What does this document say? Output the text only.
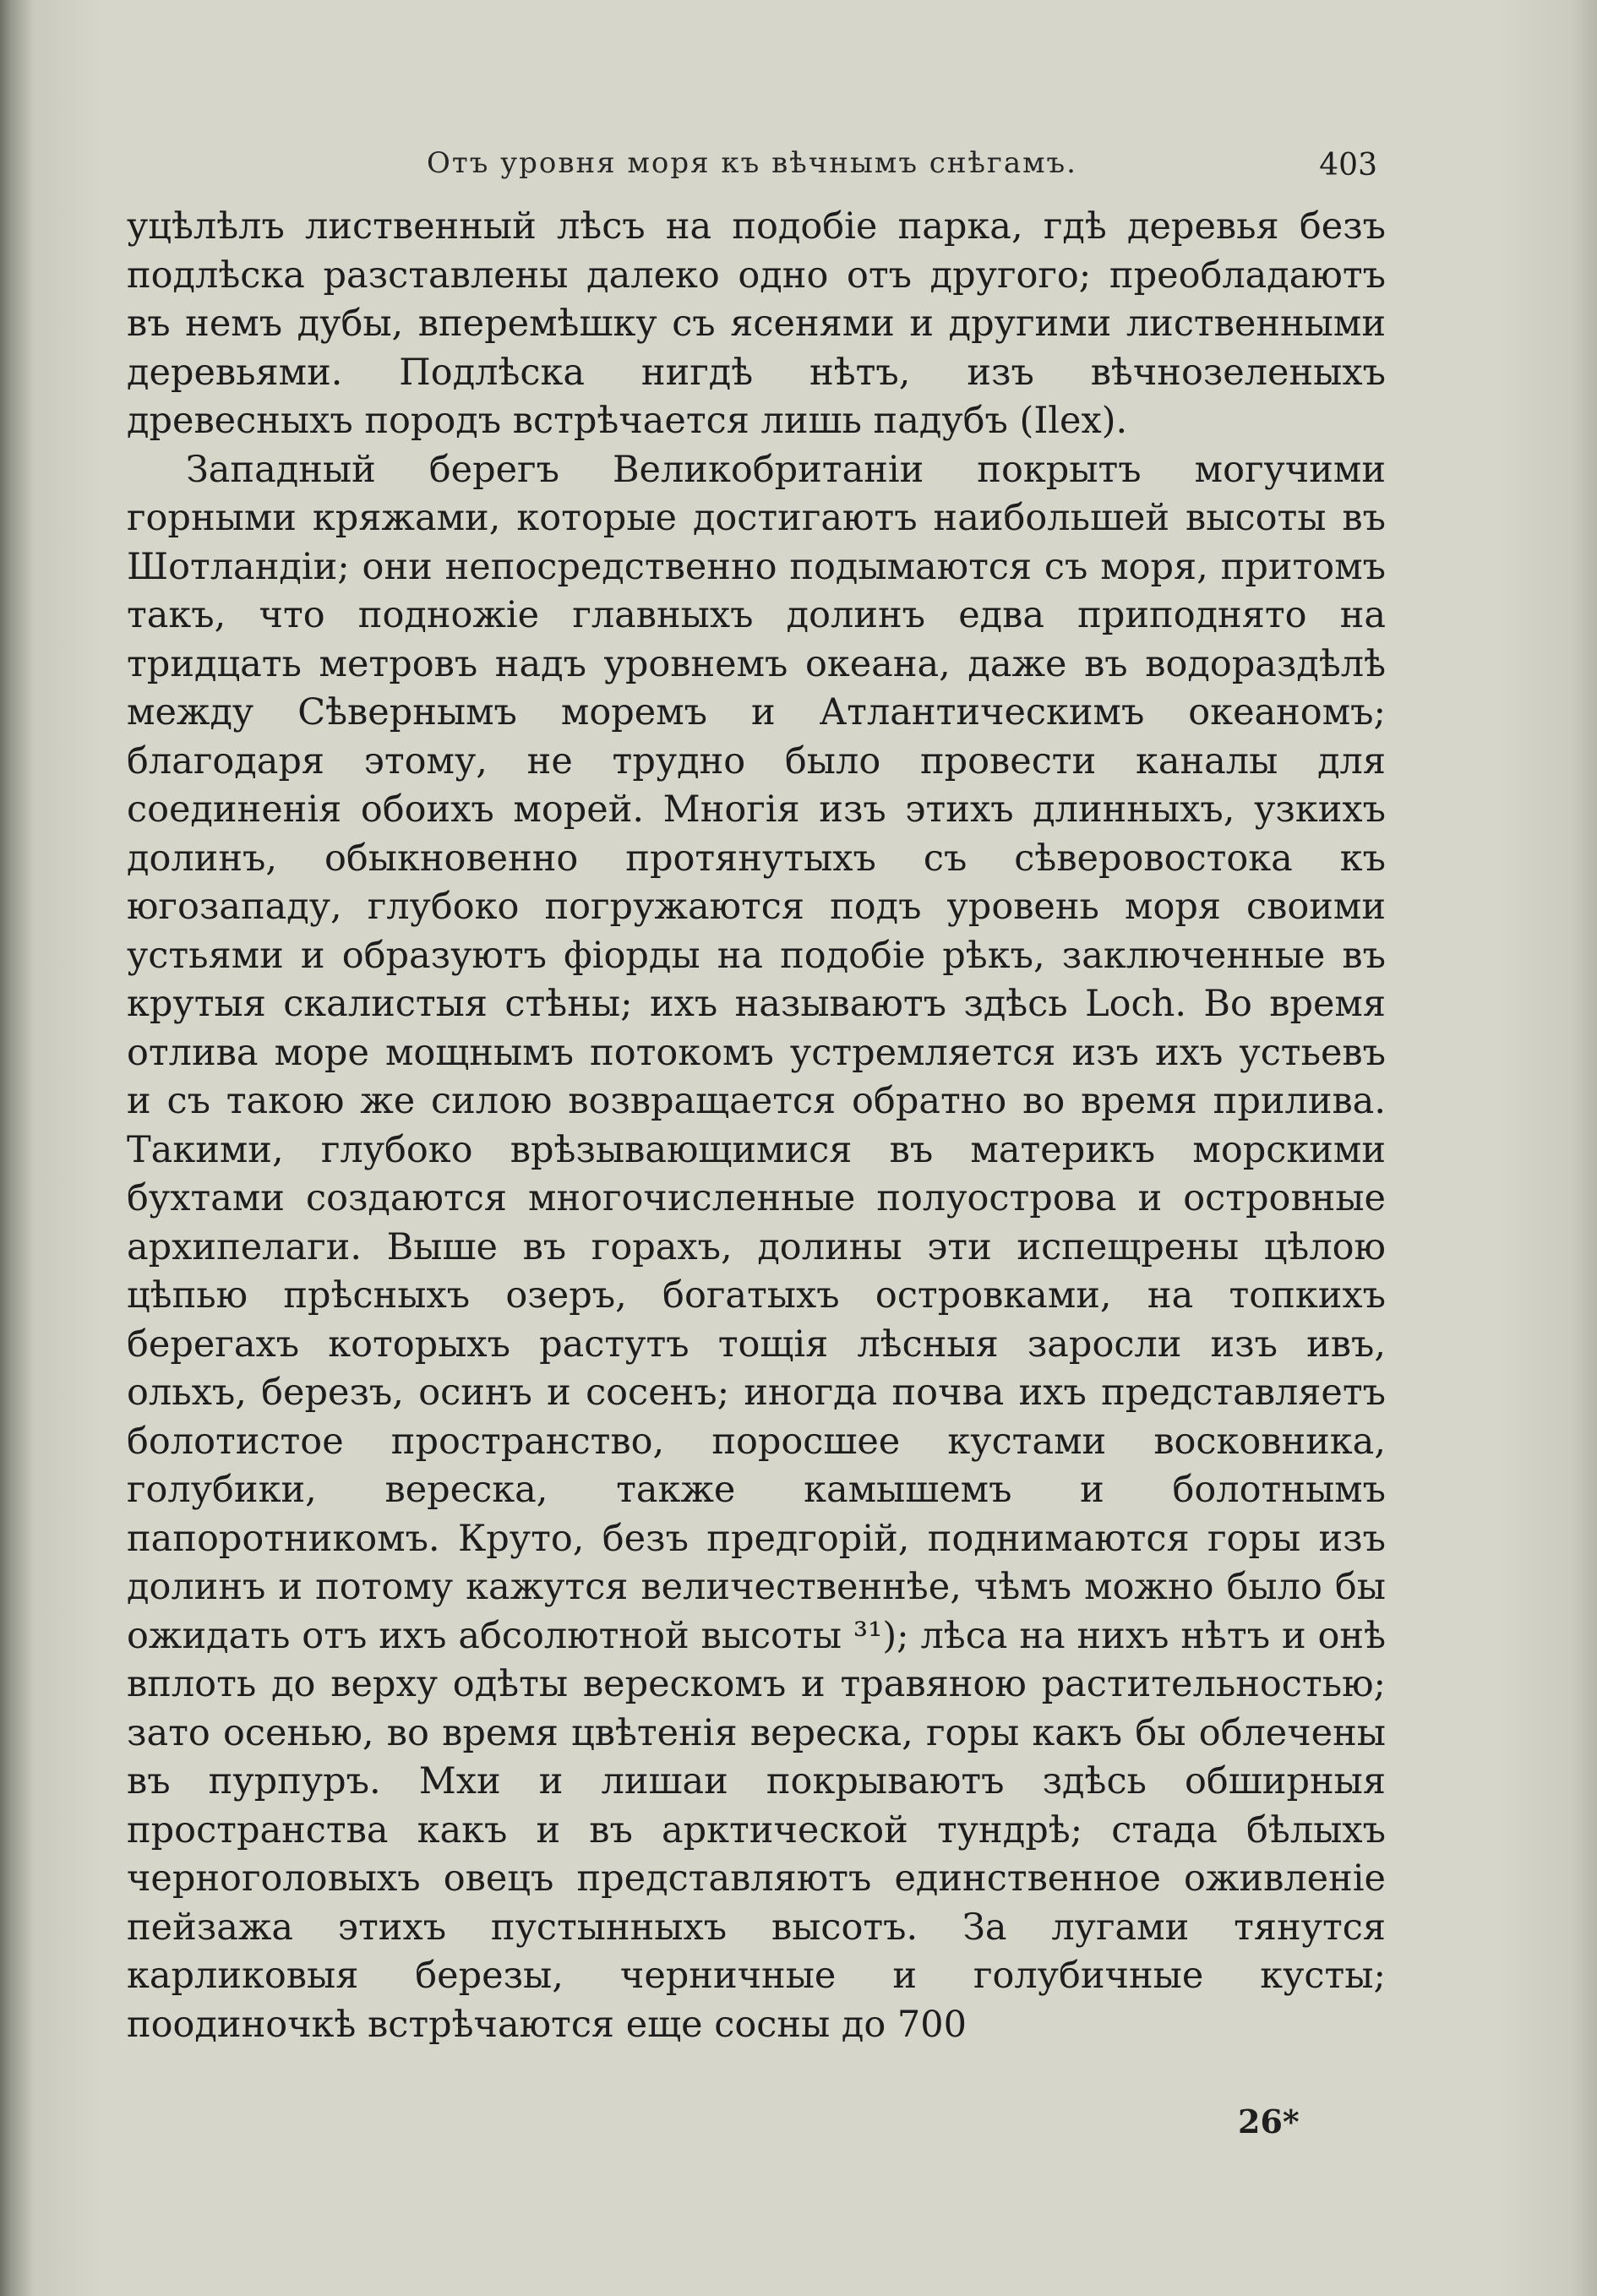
Отъ уровня моря къ вѣчнымъ снѣгамъ.	403

уцѣлѣлъ лиственный лѣсъ на подобіе парка, гдѣ деревья безъ подлѣска разставлены далеко одно отъ другого; преобладаютъ въ немъ дубы, вперемѣшку съ ясенями и другими лиственными деревьями. Подлѣска нигдѣ нѣтъ, изъ вѣчнозеленыхъ древесныхъ породъ встрѣчается лишь падубъ (Ilex).

Западный берегъ Великобританіи покрытъ могучими горными кряжами, которые достигаютъ наибольшей высоты въ Шотландіи; они непосредственно подымаются съ моря, притомъ такъ, что подножіе главныхъ долинъ едва приподнято на тридцать метровъ надъ уровнемъ океана, даже въ водораздѣлѣ между Сѣвернымъ моремъ и Атлантическимъ океаномъ; благодаря этому, не трудно было провести каналы для соединенія обоихъ морей. Многія изъ этихъ длинныхъ, узкихъ долинъ, обыкновенно протянутыхъ съ сѣверовостока къ югозападу, глубоко погружаются подъ уровень моря своими устьями и образуютъ фіорды на подобіе рѣкъ, заключенные въ крутыя скалистыя стѣны; ихъ называютъ здѣсь Loch. Во время отлива море мощнымъ потокомъ устремляется изъ ихъ устьевъ и съ такою же силою возвращается обратно во время прилива. Такими, глубоко врѣзывающимися въ материкъ морскими бухтами создаются многочисленные полуострова и островные архипелаги. Выше въ горахъ, долины эти испещрены цѣлою цѣпью прѣсныхъ озеръ, богатыхъ островками, на топкихъ берегахъ которыхъ растутъ тощія лѣсныя заросли изъ ивъ, ольхъ, березъ, осинъ и сосенъ; иногда почва ихъ представляетъ болотистое пространство, поросшее кустами восковника, голубики, вереска, также камышемъ и болотнымъ папоротникомъ. Круто, безъ предгорій, поднимаются горы изъ долинъ и потому кажутся величественнѣе, чѣмъ можно было бы ожидать отъ ихъ абсолютной высоты ³¹); лѣса на нихъ нѣтъ и онѣ вплоть до верху одѣты верескомъ и травяною растительностью; зато осенью, во время цвѣтенія вереска, горы какъ бы облечены въ пурпуръ. Мхи и лишаи покрываютъ здѣсь обширныя пространства какъ и въ арктической тундрѣ; стада бѣлыхъ черноголовыхъ овецъ представляютъ единственное оживленіе пейзажа этихъ пустынныхъ высотъ. За лугами тянутся карликовыя березы, черничные и голубичные кусты; поодиночкѣ встрѣчаются еще сосны до 700

26*
